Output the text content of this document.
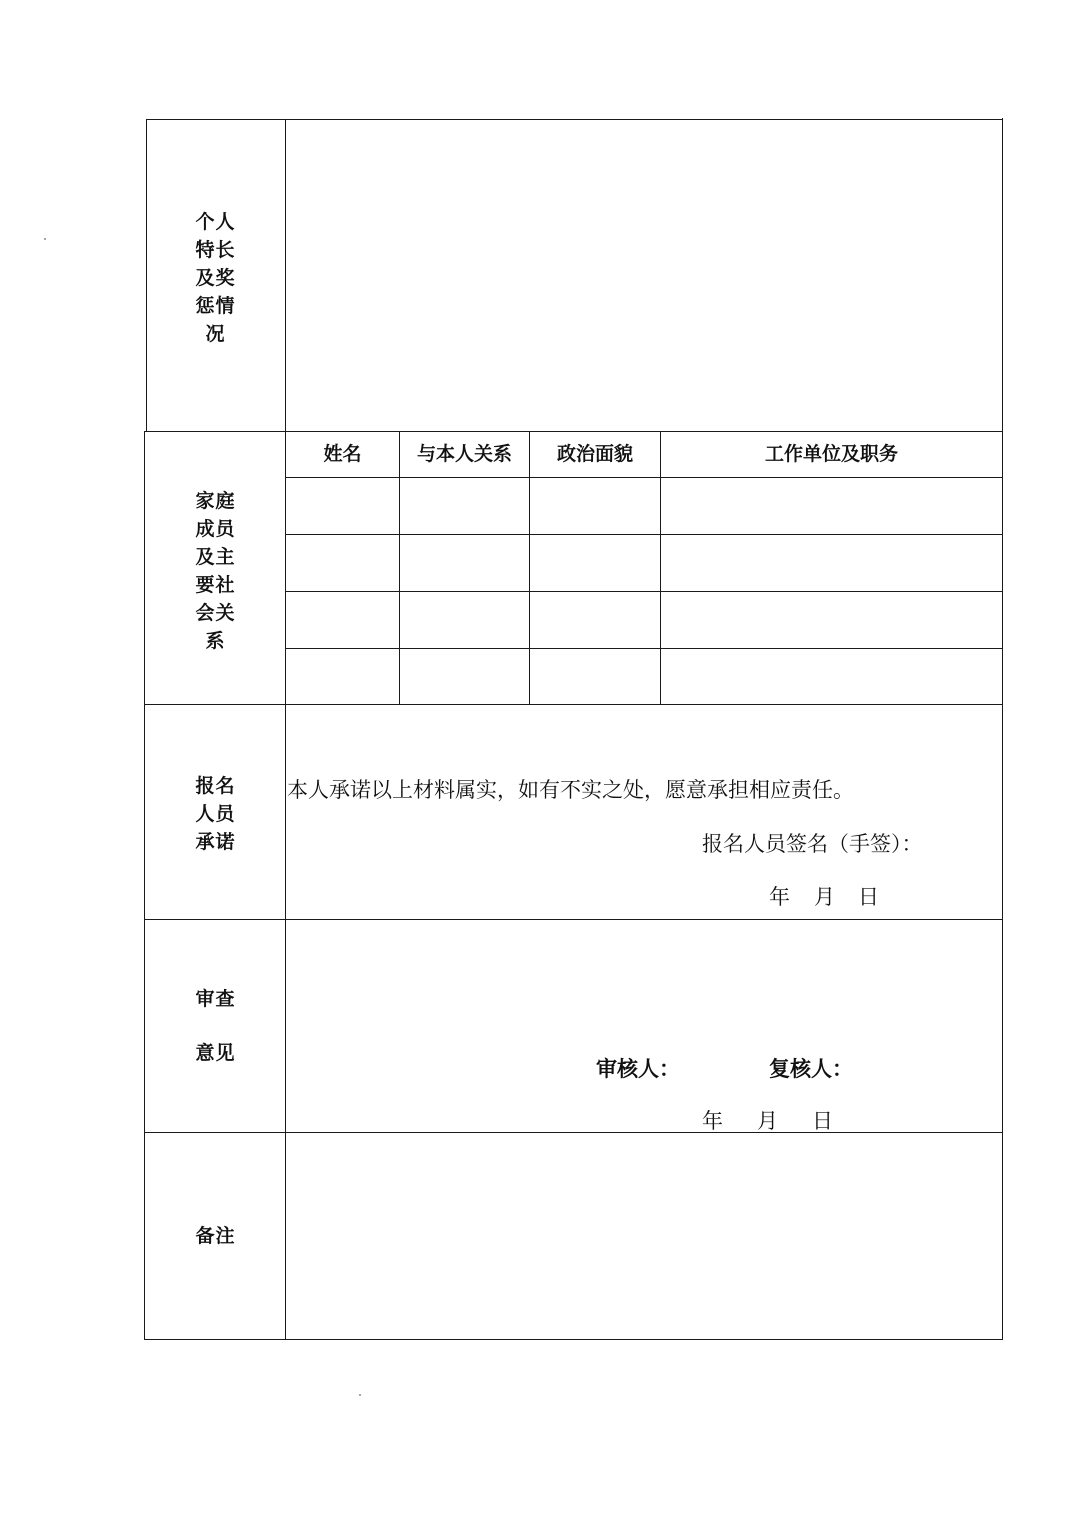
个人
特长
及奖
惩情
况
家庭
成员
及主
要社
会关
系
姓名	与本人关系	政治面貌	工作单位及职务
报名
人员
承诺
本人承诺以上材料属实，如有不实之处，愿意承担相应责任。
报名人员签名（手签）：
年 月 日
审查
意见
审核人：	复核人：
年 月 日
备注
